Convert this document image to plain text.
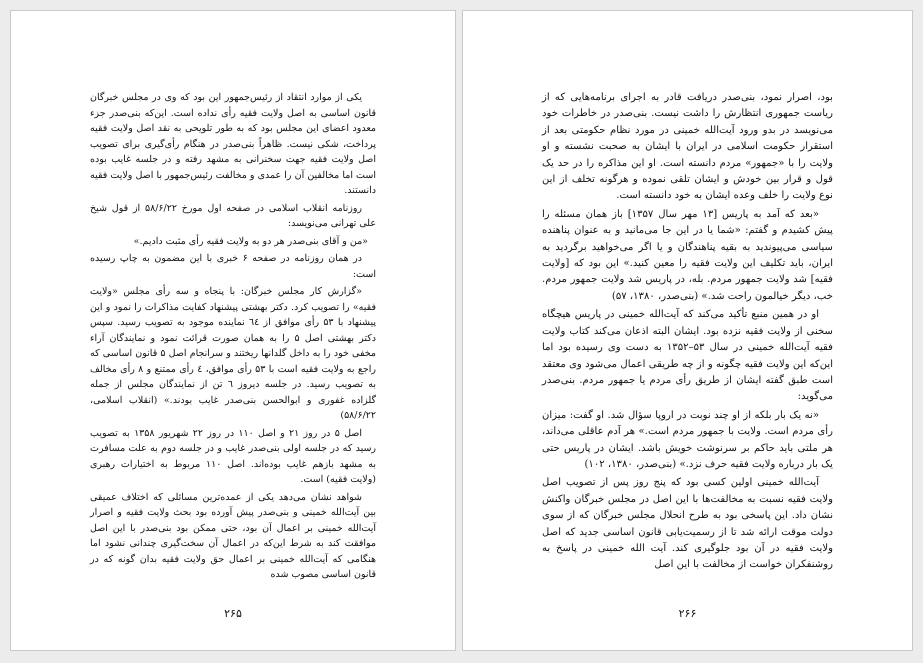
یکی از موارد انتقاد از رئیس‌جمهور این بود که وی در مجلس خبرگان قانون اساسی به اصل ولایت فقیه رأی نداده است. این‌که بنی‌صدر جزء معدود اعضای این مجلس بود که به طور تلویحی به نقد اصل ولایت فقیه پرداخت، شکی نیست. ظاهراً بنی‌صدر در هنگام رأی‌گیری برای تصویب اصل ولایت فقیه جهت سخنرانی به مشهد رفته و در جلسه غایب بوده است اما مخالفین آن را عمدی و مخالفت رئیس‌جمهور با اصل ولایت فقیه دانستند.

روزنامه انقلاب اسلامی در صفحه اول مورخ ۵۸/۶/۲۲ از قول شیخ علی تهرانی می‌نویسد:

«من و آقای بنی‌صدر هر دو به ولایت فقیه رأی مثبت دادیم.»

در همان روزنامه در صفحه ۶ خبری با این مضمون به چاپ رسیده است:

«گزارش کار مجلس خبرگان: با پنجاه و سه رأی مجلس «ولایت فقیه» را تصویب کرد. دکتر بهشتی پیشنهاد کفایت مذاکرات را نمود و این پیشنهاد با ۵۳ رأی موافق از ٦٤ نماینده موجود به تصویب رسید. سپس دکتر بهشتی اصل ۵ را به همان صورت قرائت نمود و نمایندگان آراء مخفی خود را به داخل گلدانها ریختند و سرانجام اصل ۵ قانون اساسی که راجع به ولایت فقیه است با ۵۳ رأی موافق، ٤ رأی ممتنع و ۸ رأی مخالف به تصویب رسید. در جلسه دیروز ٦ تن از نمایندگان مجلس از جمله گلزاده غفوری و ابوالحسن بنی‌صدر غایب بودند.» (انقلاب اسلامی، ۵۸/۶/۲۲)

اصل ۵ در روز ۲۱ و اصل ۱۱۰ در روز ۲۲ شهریور ۱۳۵۸ به تصویب رسید که در جلسه اولی بنی‌صدر غایب و در جلسه دوم به علت مسافرت به مشهد بازهم غایب بوده‌اند. اصل ۱۱۰ مربوط به اختیارات رهبری (ولایت فقیه) است.

شواهد نشان می‌دهد یکی از عمده‌ترین مسائلی که اختلاف عمیقی بین آیت‌الله خمینی و بنی‌صدر پیش آورده بود بحث ولایت فقیه و اصرار آیت‌الله خمینی بر اعمال آن بود، حتی ممکن بود بنی‌صدر با این اصل موافقت کند به شرط این‌که در اعمال آن سخت‌گیری چندانی نشود اما هنگامی که آیت‌الله خمینی بر اعمال حق ولایت فقیه بدان گونه که در قانون اساسی مصوب شده

۲۶۵

بود، اصرار نمود، بنی‌صدر دریافت قادر به اجرای برنامه‌هایی که از ریاست جمهوری انتظارش را داشت نیست. بنی‌صدر در خاطرات خود می‌نویسد در بدو ورود آیت‌الله خمینی در مورد نظام حکومتی بعد از استقرار حکومت اسلامی در ایران با ایشان به صحبت نشسته و او ولایت را با «جمهور» مردم دانسته است. او این مذاکره را در حد یک قول و قرار بین خودش و ایشان تلقی نموده و هرگونه تخلف از این نوع ولایت را خلف وعده ایشان به خود دانسته است.

«بعد که آمد به پاریس [۱۳ مهر سال ۱۳۵۷] باز همان مسئله را پیش کشیدم و گفتم: «شما یا در این جا می‌مانید و به عنوان پناهنده سیاسی می‌پیوندید به بقیه پناهندگان و یا اگر می‌خواهید برگردید به ایران، باید تکلیف این ولایت فقیه را معین کنید.» این بود که [ولایت فقیه] شد ولایت جمهور مردم. بله، در پاریس شد ولایت جمهور مردم. خب، دیگر خیالمون راحت شد.» (بنی‌صدر، ۱۳۸۰، ۵۷)

او در همین منبع تأکید می‌کند که آیت‌الله خمینی در پاریس هیچگاه سخنی از ولایت فقیه نزده بود. ایشان البته اذعان می‌کند کتاب ولایت فقیه آیت‌الله خمینی در سال ۵۳–۱۳۵۲ به دست وی رسیده بود اما این‌که این ولایت فقیه چگونه و از چه طریقی اعمال می‌شود وی معتقد است طبق گفته ایشان از طریق رأی مردم یا جمهور مردم. بنی‌صدر می‌گوید:

«نه یک بار بلکه از او چند نوبت در اروپا سؤال شد. او گفت: میزان رأی مردم است. ولایت با جمهور مردم است.» هر آدم عاقلی می‌داند، هر ملتی باید حاکم بر سرنوشت خویش باشد. ایشان در پاریس حتی یک بار درباره ولایت فقیه حرف نزد.» (بنی‌صدر، ۱۳۸۰، ۱۰۲)

آیت‌الله خمینی اولین کسی بود که پنج روز پس از تصویب اصل ولایت فقیه نسبت به مخالفت‌ها با این اصل در مجلس خبرگان واکنش نشان داد. این پاسخی بود به طرح انحلال مجلس خبرگان که از سوی دولت موقت ارائه شد تا از رسمیت‌یابی قانون اساسی جدید که اصل ولایت فقیه در آن بود جلوگیری کند. آیت الله خمینی در پاسخ به روشنفکران خواست از مخالفت با این اصل

۲۶۶
